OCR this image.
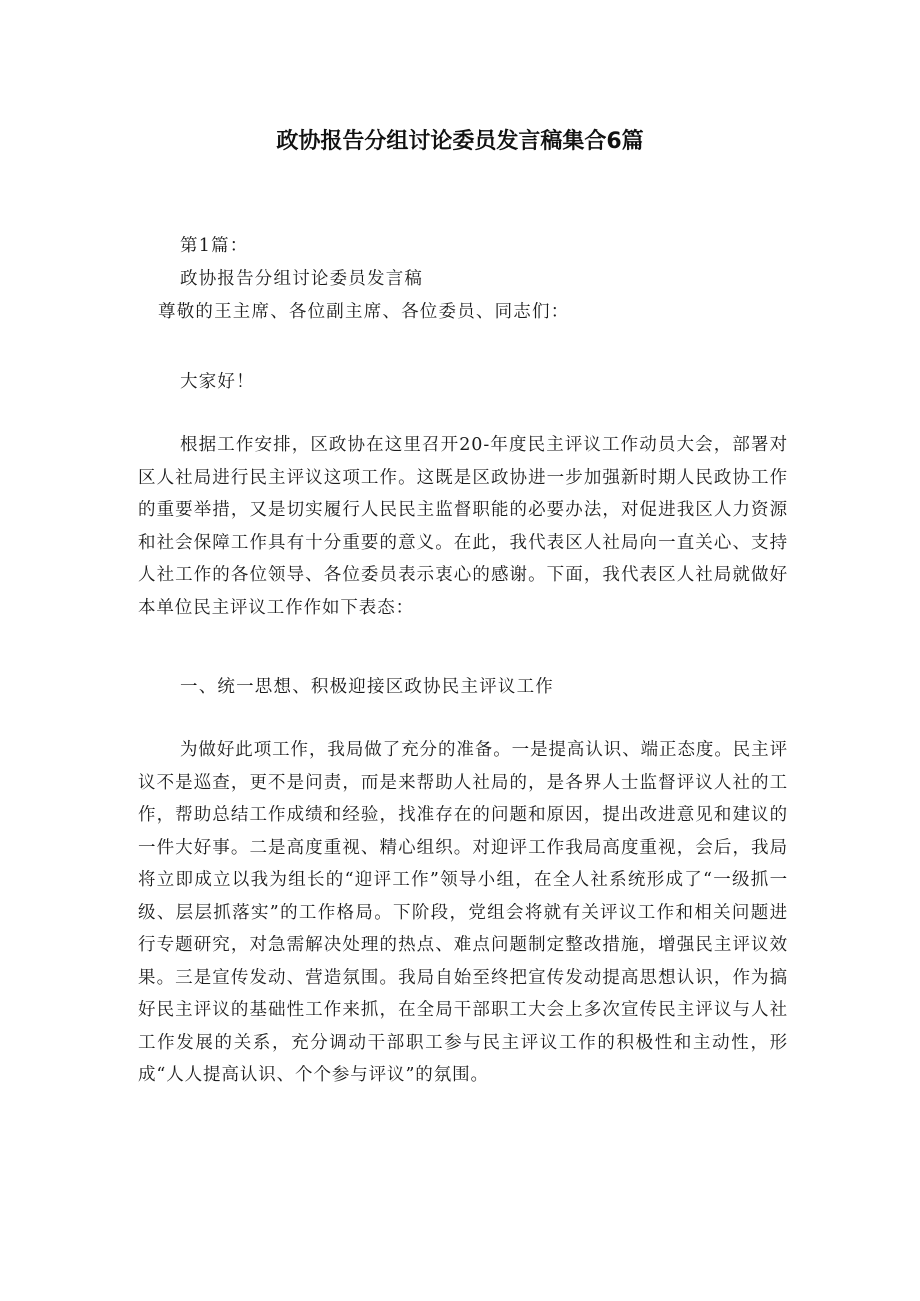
政协报告分组讨论委员发言稿集合6篇
第1篇：
政协报告分组讨论委员发言稿
尊敬的王主席、各位副主席、各位委员、同志们：
大家好！

根据工作安排，区政协在这里召开20-年度民主评议工作动员大会，部署对区人社局进行民主评议这项工作。这既是区政协进一步加强新时期人民政协工作的重要举措，又是切实履行人民民主监督职能的必要办法，对促进我区人力资源和社会保障工作具有十分重要的意义。在此，我代表区人社局向一直关心、支持人社工作的各位领导、各位委员表示衷心的感谢。下面，我代表区人社局就做好本单位民主评议工作作如下表态：

一、统一思想、积极迎接区政协民主评议工作

为做好此项工作，我局做了充分的准备。一是提高认识、端正态度。民主评议不是巡查，更不是问责，而是来帮助人社局的，是各界人士监督评议人社的工作，帮助总结工作成绩和经验，找准存在的问题和原因，提出改进意见和建议的一件大好事。二是高度重视、精心组织。对迎评工作我局高度重视，会后，我局将立即成立以我为组长的“迎评工作”领导小组，在全人社系统形成了“一级抓一级、层层抓落实”的工作格局。下阶段，党组会将就有关评议工作和相关问题进行专题研究，对急需解决处理的热点、难点问题制定整改措施，增强民主评议效果。三是宣传发动、营造氛围。我局自始至终把宣传发动提高思想认识，作为搞好民主评议的基础性工作来抓，在全局干部职工大会上多次宣传民主评议与人社工作发展的关系，充分调动干部职工参与民主评议工作的积极性和主动性，形成“人人提高认识、个个参与评议”的氛围。
